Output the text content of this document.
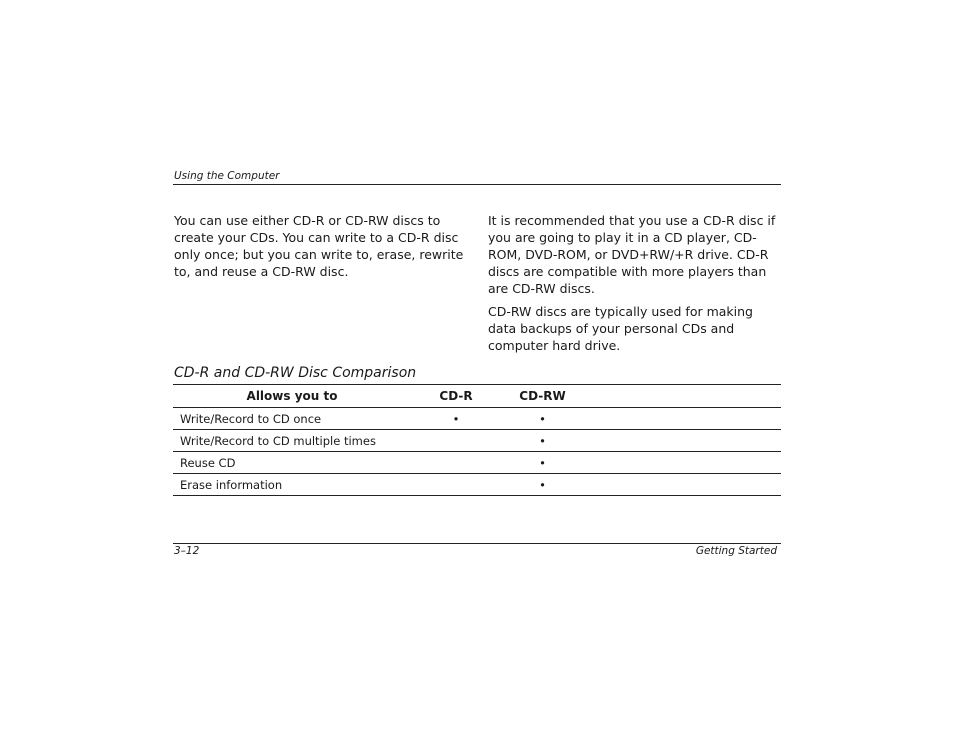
Using the Computer

You can use either CD-R or CD-RW discs to create your CDs. You can write to a CD-R disc only once; but you can write to, erase, rewrite to, and reuse a CD-RW disc.

It is recommended that you use a CD-R disc if you are going to play it in a CD player, CD-ROM, DVD-ROM, or DVD+RW/+R drive. CD-R discs are compatible with more players than are CD-RW discs.

CD-RW discs are typically used for making data backups of your personal CDs and computer hard drive.

CD-R and CD-RW Disc Comparison
Allows you to	CD-R	CD-RW	
Write/Record to CD once	•	•	
Write/Record to CD multiple times		•	
Reuse CD		•	
Erase information		•	
3–12	Getting Started
